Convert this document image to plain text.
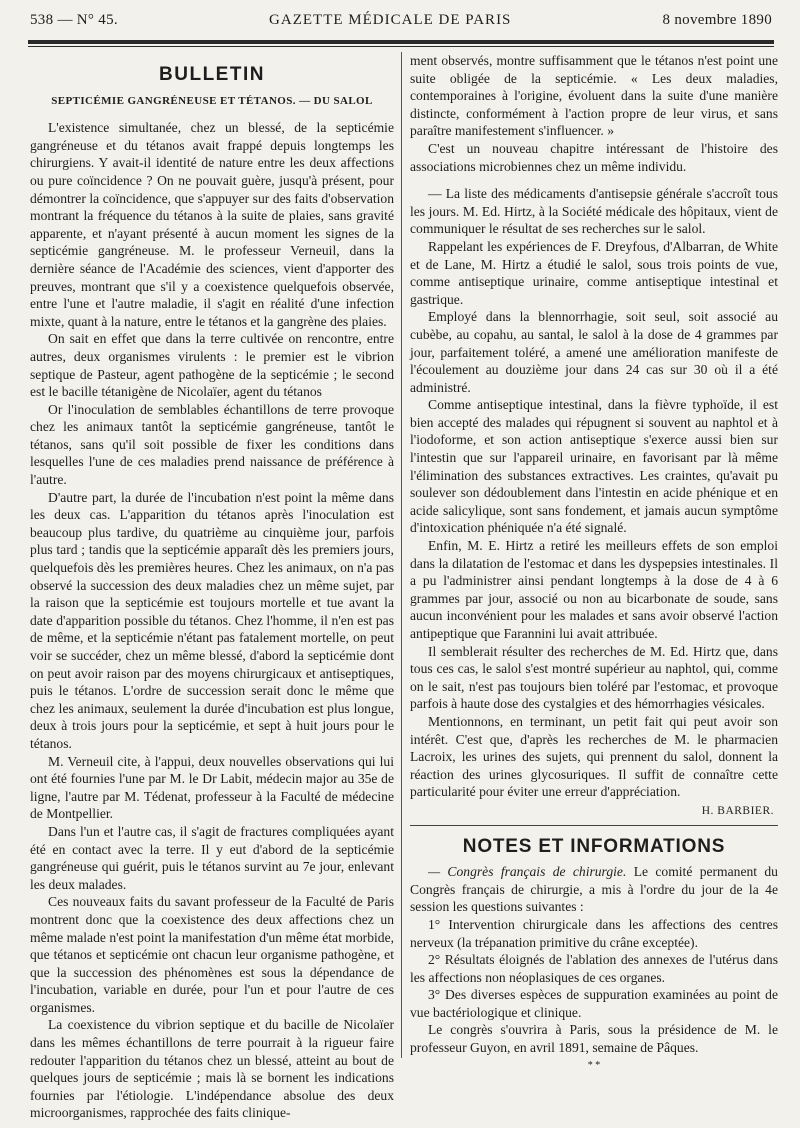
538 — N° 45.	GAZETTE MÉDICALE DE PARIS	8 novembre 1890
BULLETIN
SEPTICÉMIE GANGRÉNEUSE ET TÉTANOS. — DU SALOL

L'existence simultanée, chez un blessé, de la septicémie gangréneuse et du tétanos avait frappé depuis longtemps les chirurgiens. Y avait-il identité de nature entre les deux affections ou pure coïncidence ? On ne pouvait guère, jusqu'à présent, pour démontrer la coïncidence, que s'appuyer sur des faits d'observation montrant la fréquence du tétanos à la suite de plaies, sans gravité apparente, et n'ayant présenté à aucun moment les signes de la septicémie gangréneuse. M. le professeur Verneuil, dans la dernière séance de l'Académie des sciences, vient d'apporter des preuves, montrant que s'il y a coexistence quelquefois observée, entre l'une et l'autre maladie, il s'agit en réalité d'une infection mixte, quant à la nature, entre le tétanos et la gangrène des plaies.

On sait en effet que dans la terre cultivée on rencontre, entre autres, deux organismes virulents : le premier est le vibrion septique de Pasteur, agent pathogène de la septicémie ; le second est le bacille tétanigène de Nicolaïer, agent du tétanos

Or l'inoculation de semblables échantillons de terre provoque chez les animaux tantôt la septicémie gangréneuse, tantôt le tétanos, sans qu'il soit possible de fixer les conditions dans lesquelles l'une de ces maladies prend naissance de préférence à l'autre.

D'autre part, la durée de l'incubation n'est point la même dans les deux cas. L'apparition du tétanos après l'inoculation est beaucoup plus tardive, du quatrième au cinquième jour, parfois plus tard ; tandis que la septicémie apparaît dès les premiers jours, quelquefois dès les premières heures. Chez les animaux, on n'a pas observé la succession des deux maladies chez un même sujet, par la raison que la septicémie est toujours mortelle et tue avant la date d'apparition possible du tétanos. Chez l'homme, il n'en est pas de même, et la septicémie n'étant pas fatalement mortelle, on peut voir se succéder, chez un même blessé, d'abord la septicémie dont on peut avoir raison par des moyens chirurgicaux et antiseptiques, puis le tétanos. L'ordre de succession serait donc le même que chez les animaux, seulement la durée d'incubation est plus longue, deux à trois jours pour la septicémie, et sept à huit jours pour le tétanos.

M. Verneuil cite, à l'appui, deux nouvelles observations qui lui ont été fournies l'une par M. le Dr Labit, médecin major au 35e de ligne, l'autre par M. Tédenat, professeur à la Faculté de médecine de Montpellier.

Dans l'un et l'autre cas, il s'agit de fractures compliquées ayant été en contact avec la terre. Il y eut d'abord de la septicémie gangréneuse qui guérit, puis le tétanos survint au 7e jour, enlevant les deux malades.

Ces nouveaux faits du savant professeur de la Faculté de Paris montrent donc que la coexistence des deux affections chez un même malade n'est point la manifestation d'un même état morbide, que tétanos et septicémie ont chacun leur organisme pathogène, et que la succession des phénomènes est sous la dépendance de l'incubation, variable en durée, pour l'un et pour l'autre de ces organismes.

La coexistence du vibrion septique et du bacille de Nicolaïer dans les mêmes échantillons de terre pourrait à la rigueur faire redouter l'apparition du tétanos chez un blessé, atteint au bout de quelques jours de septicémie ; mais là se bornent les indications fournies par l'étiologie. L'indépendance absolue des deux microorganismes, rapprochée des faits clinique-

ment observés, montre suffisamment que le tétanos n'est point une suite obligée de la septicémie. « Les deux maladies, contemporaines à l'origine, évoluent dans la suite d'une manière distincte, conformément à l'action propre de leur virus, et sans paraître manifestement s'influencer. »

C'est un nouveau chapitre intéressant de l'histoire des associations microbiennes chez un même individu.

— La liste des médicaments d'antisepsie générale s'accroît tous les jours. M. Ed. Hirtz, à la Société médicale des hôpitaux, vient de communiquer le résultat de ses recherches sur le salol.

Rappelant les expériences de F. Dreyfous, d'Albarran, de White et de Lane, M. Hirtz a étudié le salol, sous trois points de vue, comme antiseptique urinaire, comme antiseptique intestinal et gastrique.

Employé dans la blennorrhagie, soit seul, soit associé au cubèbe, au copahu, au santal, le salol à la dose de 4 grammes par jour, parfaitement toléré, a amené une amélioration manifeste de l'écoulement au douzième jour dans 24 cas sur 30 où il a été administré.

Comme antiseptique intestinal, dans la fièvre typhoïde, il est bien accepté des malades qui répugnent si souvent au naphtol et à l'iodoforme, et son action antiseptique s'exerce aussi bien sur l'intestin que sur l'appareil urinaire, en favorisant par là même l'élimination des substances extractives. Les craintes, qu'avait pu soulever son dédoublement dans l'intestin en acide phénique et en acide salicylique, sont sans fondement, et jamais aucun symptôme d'intoxication phéniquée n'a été signalé.

Enfin, M. E. Hirtz a retiré les meilleurs effets de son emploi dans la dilatation de l'estomac et dans les dyspepsies intestinales. Il a pu l'administrer ainsi pendant longtemps à la dose de 4 à 6 grammes par jour, associé ou non au bicarbonate de soude, sans aucun inconvénient pour les malades et sans avoir observé l'action antipeptique que Farannini lui avait attribuée.

Il semblerait résulter des recherches de M. Ed. Hirtz que, dans tous ces cas, le salol s'est montré supérieur au naphtol, qui, comme on le sait, n'est pas toujours bien toléré par l'estomac, et provoque parfois à haute dose des cystalgies et des hémorrhagies vésicales.

Mentionnons, en terminant, un petit fait qui peut avoir son intérêt. C'est que, d'après les recherches de M. le pharmacien Lacroix, les urines des sujets, qui prennent du salol, donnent la réaction des urines glycosuriques. Il suffit de connaître cette particularité pour éviter une erreur d'appréciation.

H. BARBIER.
NOTES ET INFORMATIONS

— Congrès français de chirurgie. Le comité permanent du Congrès français de chirurgie, a mis à l'ordre du jour de la 4e session les questions suivantes :

1° Intervention chirurgicale dans les affections des centres nerveux (la trépanation primitive du crâne exceptée).

2° Résultats éloignés de l'ablation des annexes de l'utérus dans les affections non néoplasiques de ces organes.

3° Des diverses espèces de suppuration examinées au point de vue bactériologique et clinique.

Le congrès s'ouvrira à Paris, sous la présidence de M. le professeur Guyon, en avril 1891, semaine de Pâques.

* *
